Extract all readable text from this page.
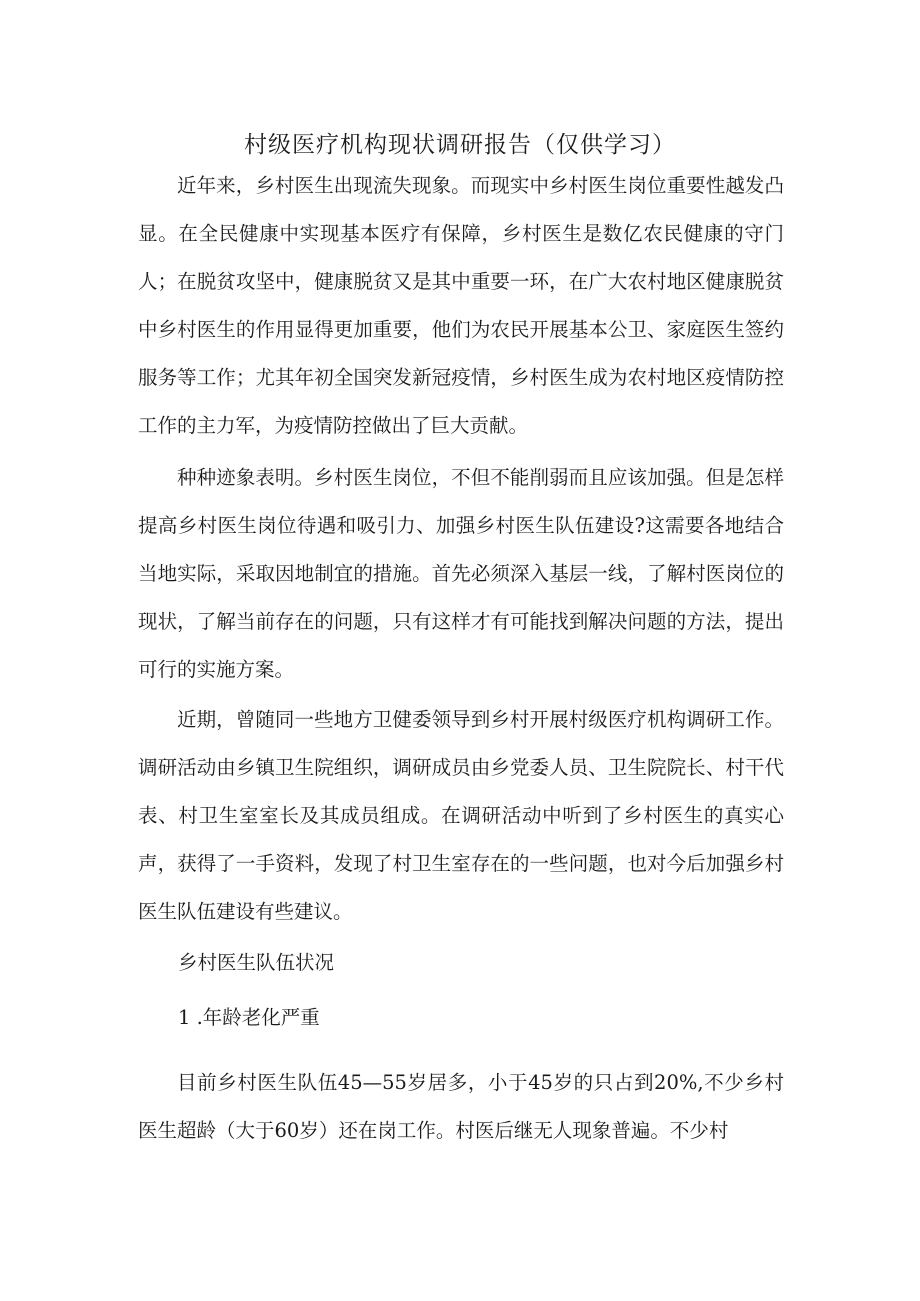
村级医疗机构现状调研报告（仅供学习）

近年来，乡村医生出现流失现象。而现实中乡村医生岗位重要性越发凸显。在全民健康中实现基本医疗有保障，乡村医生是数亿农民健康的守门人；在脱贫攻坚中，健康脱贫又是其中重要一环，在广大农村地区健康脱贫中乡村医生的作用显得更加重要，他们为农民开展基本公卫、家庭医生签约服务等工作；尤其年初全国突发新冠疫情，乡村医生成为农村地区疫情防控工作的主力军，为疫情防控做出了巨大贡献。

种种迹象表明。乡村医生岗位，不但不能削弱而且应该加强。但是怎样提高乡村医生岗位待遇和吸引力、加强乡村医生队伍建设?这需要各地结合当地实际，采取因地制宜的措施。首先必须深入基层一线，了解村医岗位的现状，了解当前存在的问题，只有这样才有可能找到解决问题的方法，提出可行的实施方案。

近期，曾随同一些地方卫健委领导到乡村开展村级医疗机构调研工作。调研活动由乡镇卫生院组织，调研成员由乡党委人员、卫生院院长、村干代表、村卫生室室长及其成员组成。在调研活动中听到了乡村医生的真实心声，获得了一手资料，发现了村卫生室存在的一些问题，也对今后加强乡村医生队伍建设有些建议。

乡村医生队伍状况
1 .年龄老化严重

目前乡村医生队伍45—55岁居多，小于45岁的只占到20%,不少乡村医生超龄（大于60岁）还在岗工作。村医后继无人现象普遍。不少村
